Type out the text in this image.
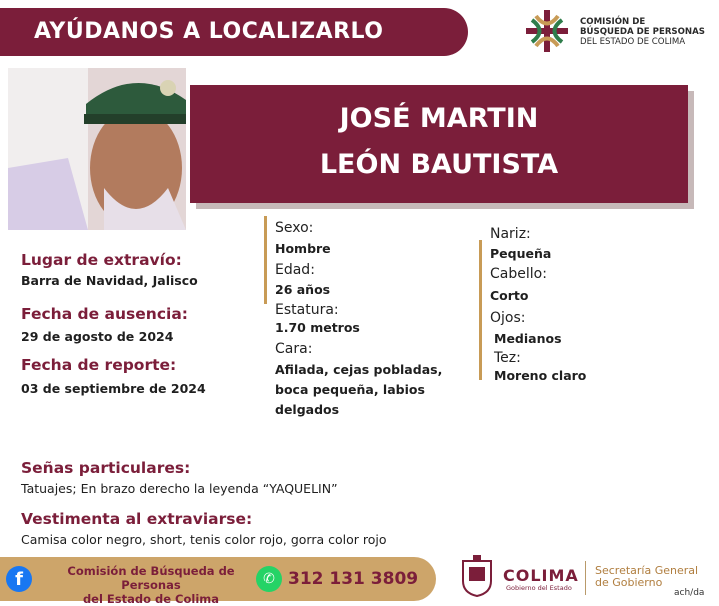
AYÚDANOS A LOCALIZARLO	COMISIÓN DE
BÚSQUEDA DE PERSONAS
DEL ESTADO DE COLIMA
JOSÉ MARTIN
LEÓN BAUTISTA
Lugar de extravío:
Barra de Navidad, Jalisco
Fecha de ausencia:
29 de agosto de 2024
Fecha de reporte:
03 de septiembre de 2024
Sexo:
Hombre
Edad:
26 años
Estatura:
1.70 metros
Cara:
Afilada, cejas pobladas,
boca pequeña, labios
delgados
Nariz:
Pequeña
Cabello:
Corto
Ojos:
Medianos
Tez:
Moreno claro
Señas particulares:
Tatuajes; En brazo derecho la leyenda “YAQUELIN”
Vestimenta al extraviarse:
Camisa color negro, short, tenis color rojo, gorra color rojo
f	Comisión de Búsqueda de Personas
del Estado de Colima
✆ 312 131 3809	COLIMA
Gobierno del Estado
Secretaría General
de Gobierno
ach/da
